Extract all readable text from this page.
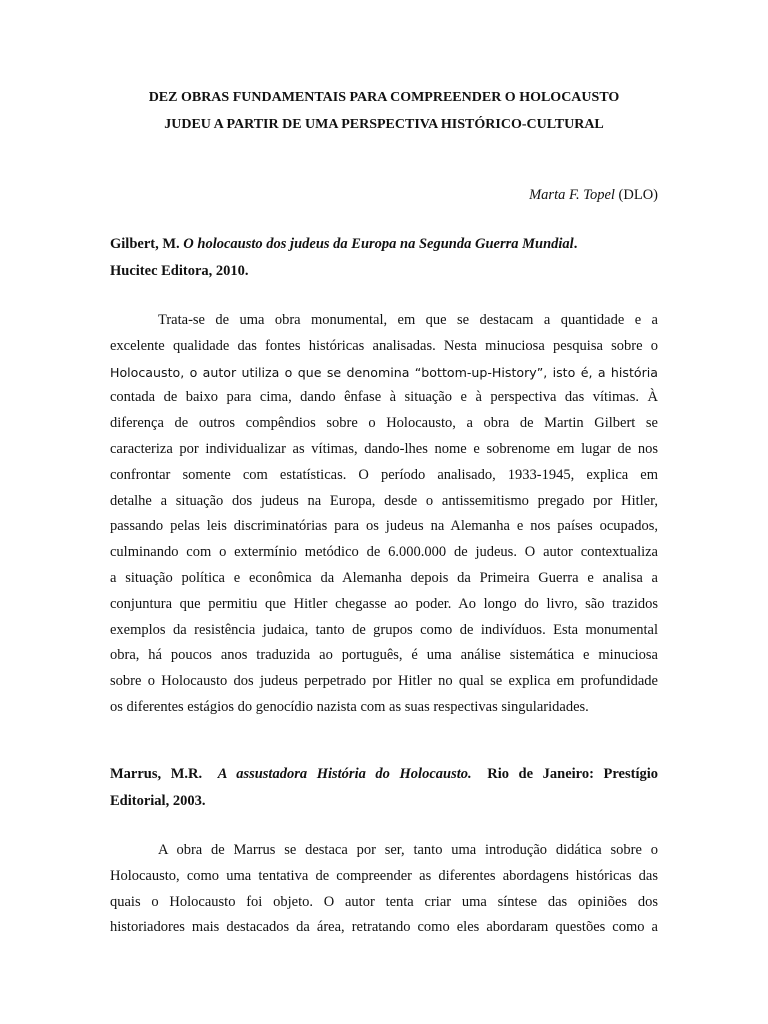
DEZ OBRAS FUNDAMENTAIS PARA COMPREENDER O HOLOCAUSTO
JUDEU A PARTIR DE UMA PERSPECTIVA HISTÓRICO-CULTURAL

Marta F. Topel (DLO)

Gilbert, M. O holocausto dos judeus da Europa na Segunda Guerra Mundial.
Hucitec Editora, 2010.

Trata-se de uma obra monumental, em que se destacam a quantidade e a
excelente qualidade das fontes históricas analisadas. Nesta minuciosa pesquisa sobre o
Holocausto, o autor utiliza o que se denomina “bottom-up-History”, isto é, a história
contada de baixo para cima, dando ênfase à situação e à perspectiva das vítimas. À
diferença de outros compêndios sobre o Holocausto, a obra de Martin Gilbert se
caracteriza por individualizar as vítimas, dando-lhes nome e sobrenome em lugar de nos
confrontar somente com estatísticas. O período analisado, 1933-1945, explica em
detalhe a situação dos judeus na Europa, desde o antissemitismo pregado por Hitler,
passando pelas leis discriminatórias para os judeus na Alemanha e nos países ocupados,
culminando com o extermínio metódico de 6.000.000 de judeus. O autor contextualiza
a situação política e econômica da Alemanha depois da Primeira Guerra e analisa a
conjuntura que permitiu que Hitler chegasse ao poder. Ao longo do livro, são trazidos
exemplos da resistência judaica, tanto de grupos como de indivíduos. Esta monumental
obra, há poucos anos traduzida ao português, é uma análise sistemática e minuciosa
sobre o Holocausto dos judeus perpetrado por Hitler no qual se explica em profundidade
os diferentes estágios do genocídio nazista com as suas respectivas singularidades.
Marrus, M.R. A assustadora História do Holocausto. Rio de Janeiro: Prestígio
Editorial, 2003.
A obra de Marrus se destaca por ser, tanto uma introdução didática sobre o
Holocausto, como uma tentativa de compreender as diferentes abordagens históricas das
quais o Holocausto foi objeto. O autor tenta criar uma síntese das opiniões dos
historiadores mais destacados da área, retratando como eles abordaram questões como a
